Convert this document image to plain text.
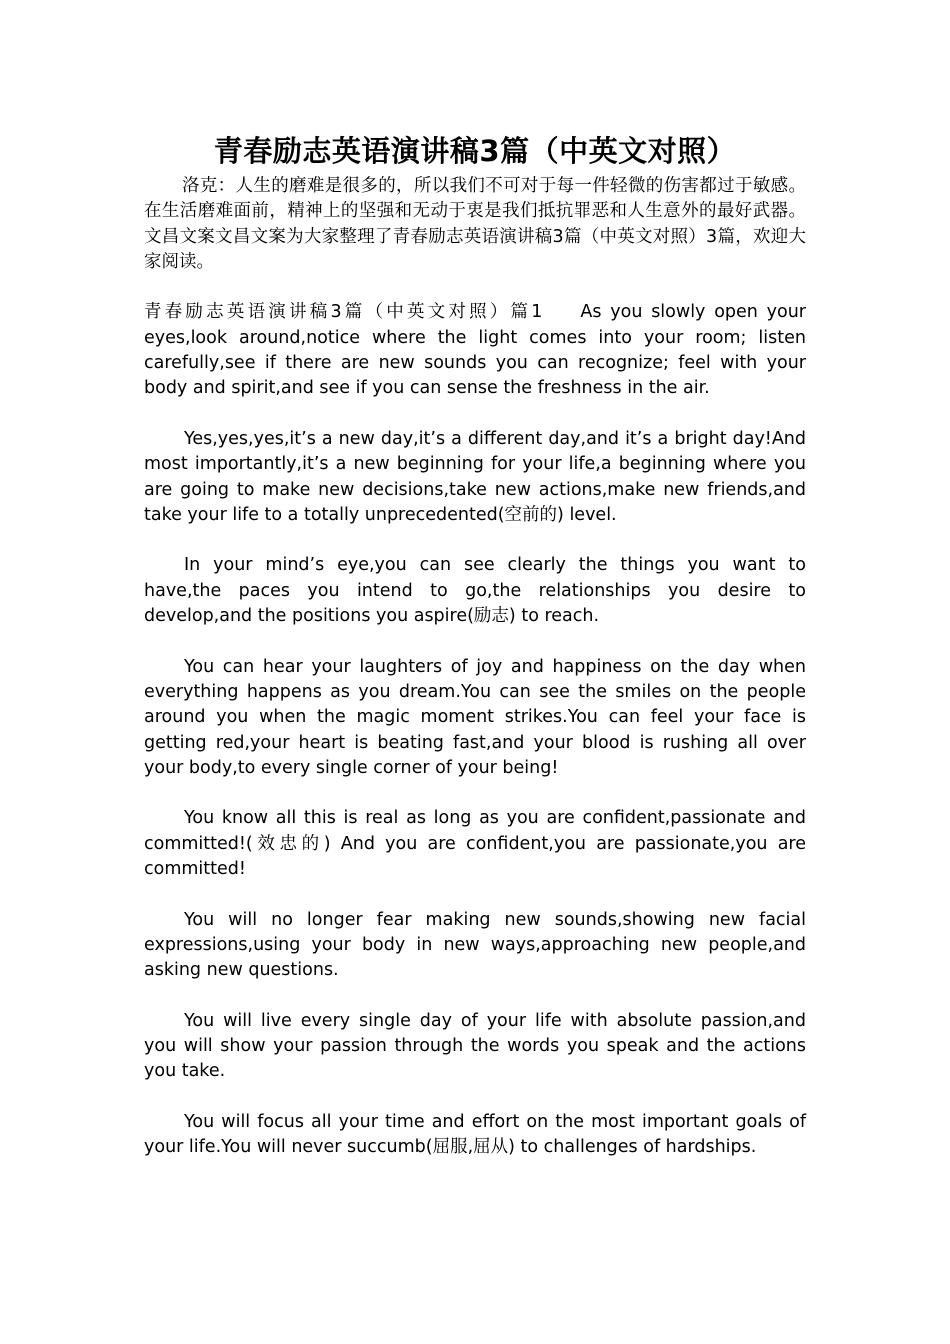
青春励志英语演讲稿3篇（中英文对照）

洛克：人生的磨难是很多的，所以我们不可对于每一件轻微的伤害都过于敏感。在生活磨难面前，精神上的坚强和无动于衷是我们抵抗罪恶和人生意外的最好武器。 文昌文案文昌文案为大家整理了青春励志英语演讲稿3篇（中英文对照）3篇，欢迎大家阅读。

青春励志英语演讲稿3篇（中英文对照）篇1 As you slowly open your eyes,look around,notice where the light comes into your room; listen carefully,see if there are new sounds you can recognize; feel with your body and spirit,and see if you can sense the freshness in the air.

Yes,yes,yes,it’s a new day,it’s a different day,and it’s a bright day!And most importantly,it’s a new beginning for your life,a beginning where you are going to make new decisions,take new actions,make new friends,and take your life to a totally unprecedented(空前的) level.

In your mind’s eye,you can see clearly the things you want to have,the paces you intend to go,the relationships you desire to develop,and the positions you aspire(励志) to reach.

You can hear your laughters of joy and happiness on the day when everything happens as you dream.You can see the smiles on the people around you when the magic moment strikes.You can feel your face is getting red,your heart is beating fast,and your blood is rushing all over your body,to every single corner of your being!

You know all this is real as long as you are confident,passionate and committed!(效忠的) And you are confident,you are passionate,you are committed!

You will no longer fear making new sounds,showing new facial expressions,using your body in new ways,approaching new people,and asking new questions.

You will live every single day of your life with absolute passion,and you will show your passion through the words you speak and the actions you take.

You will focus all your time and effort on the most important goals of your life.You will never succumb(屈服,屈从) to challenges of hardships.
